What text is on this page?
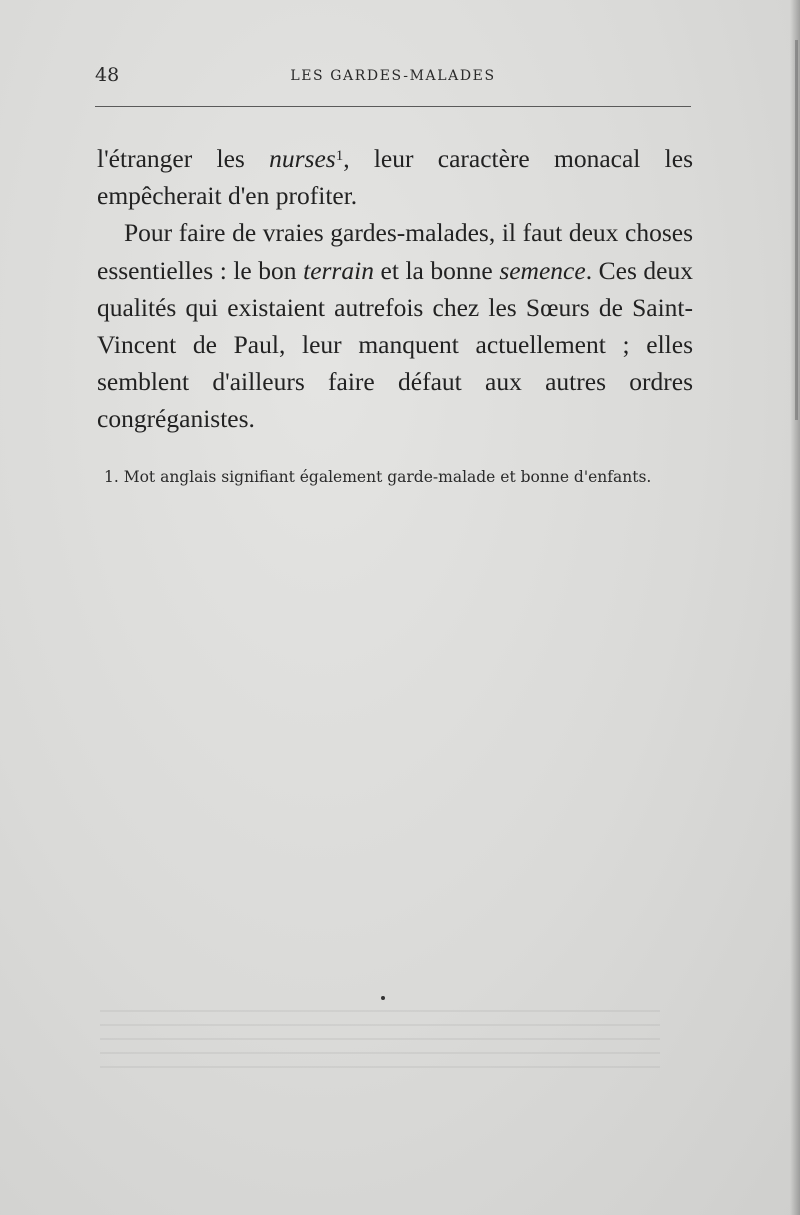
48	LES GARDES-MALADES

l'étranger les nurses$^1$, leur caractère monacal les empêcherait d'en profiter.

Pour faire de vraies gardes-malades, il faut deux choses essentielles : le bon terrain et la bonne semence. Ces deux qualités qui existaient autrefois chez les Sœurs de Saint-Vincent de Paul, leur manquent actuellement ; elles semblent d'ailleurs faire défaut aux autres ordres congréganistes.

1. Mot anglais signifiant également garde-malade et bonne d'enfants.
